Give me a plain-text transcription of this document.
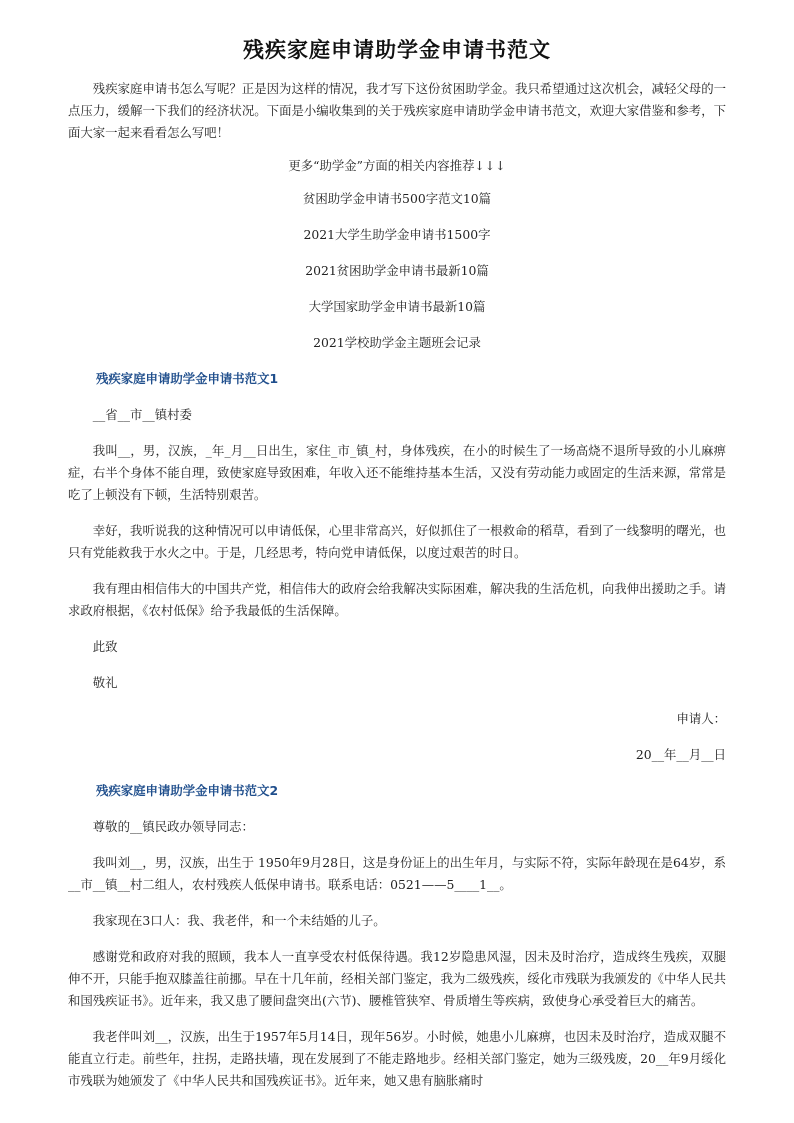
残疾家庭申请助学金申请书范文

残疾家庭申请书怎么写呢？正是因为这样的情况，我才写下这份贫困助学金。我只希望通过这次机会，减轻父母的一点压力，缓解一下我们的经济状况。下面是小编收集到的关于残疾家庭申请助学金申请书范文，欢迎大家借鉴和参考，下面大家一起来看看怎么写吧！

更多“助学金”方面的相关内容推荐↓↓↓

贫困助学金申请书500字范文10篇
2021大学生助学金申请书1500字
2021贫困助学金申请书最新10篇
大学国家助学金申请书最新10篇
2021学校助学金主题班会记录

残疾家庭申请助学金申请书范文1

__省__市__镇村委

我叫__，男，汉族，_年_月__日出生，家住_市_镇_村，身体残疾，在小的时候生了一场高烧不退所导致的小儿麻痹症，右半个身体不能自理，致使家庭导致困难，年收入还不能维持基本生活，又没有劳动能力或固定的生活来源，常常是吃了上顿没有下顿，生活特别艰苦。

幸好，我听说我的这种情况可以申请低保，心里非常高兴，好似抓住了一根救命的稻草，看到了一线黎明的曙光，也只有党能救我于水火之中。于是，几经思考，特向党申请低保，以度过艰苦的时日。

我有理由相信伟大的中国共产党，相信伟大的政府会给我解决实际困难，解决我的生活危机，向我伸出援助之手。请求政府根据，《农村低保》给予我最低的生活保障。

此致

敬礼

申请人：

20__年__月__日

残疾家庭申请助学金申请书范文2

尊敬的__镇民政办领导同志：

我叫刘__，男，汉族，出生于 1950年9月28日，这是身份证上的出生年月，与实际不符，实际年龄现在是64岁，系__市__镇__村二组人，农村残疾人低保申请书。联系电话：0521——5____1__。

我家现在3口人：我、我老伴，和一个未结婚的儿子。

感谢党和政府对我的照顾，我本人一直享受农村低保待遇。我12岁隐患风湿，因未及时治疗，造成终生残疾，双腿伸不开，只能手抱双膝盖往前挪。早在十几年前，经相关部门鉴定，我为二级残疾，绥化市残联为我颁发的《中华人民共和国残疾证书》。近年来，我又患了腰间盘突出(六节)、腰椎管狭窄、骨质增生等疾病，致使身心承受着巨大的痛苦。

我老伴叫刘__，汉族，出生于1957年5月14日，现年56岁。小时候，她患小儿麻痹，也因未及时治疗，造成双腿不能直立行走。前些年，拄拐，走路扶墙，现在发展到了不能走路地步。经相关部门鉴定，她为三级残废，20__年9月绥化市残联为她颁发了《中华人民共和国残疾证书》。近年来，她又患有脑胀痛时
